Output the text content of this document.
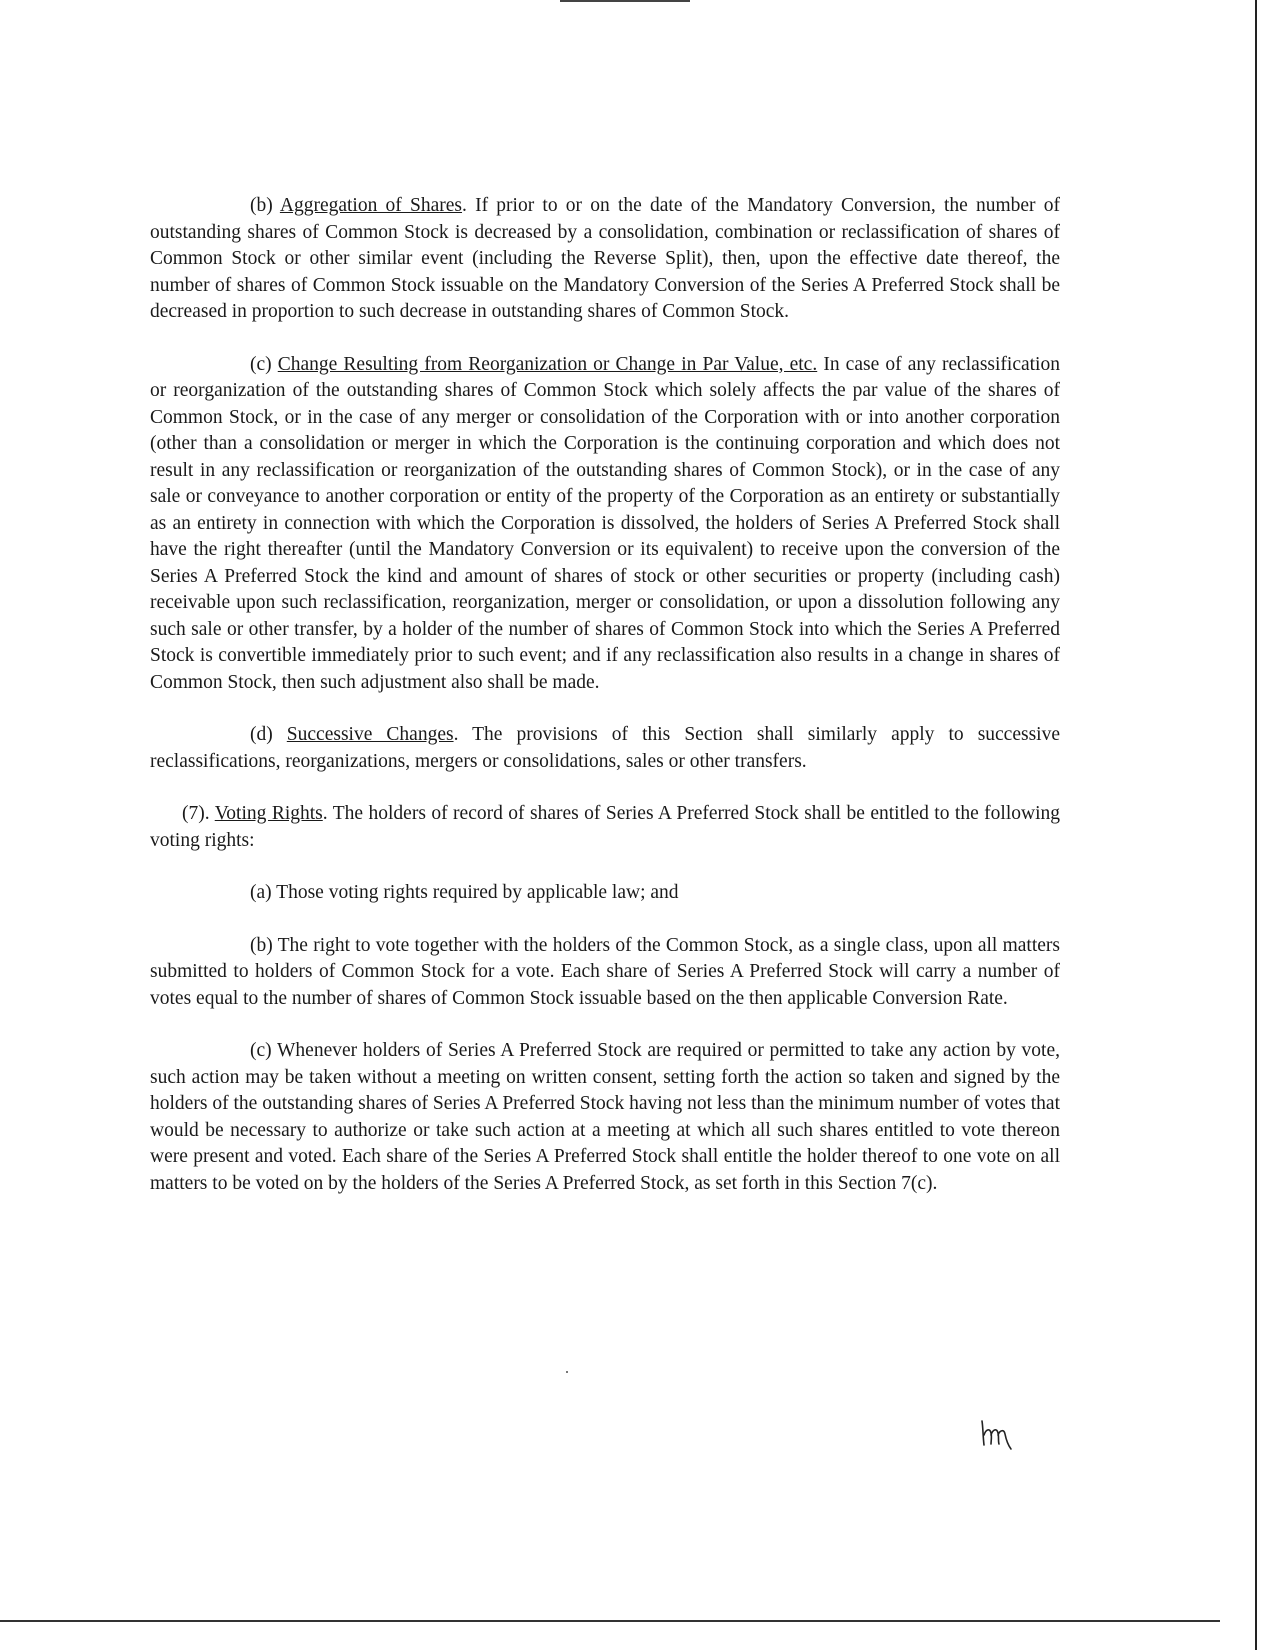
(b) Aggregation of Shares. If prior to or on the date of the Mandatory Conversion, the number of outstanding shares of Common Stock is decreased by a consolidation, combination or reclassification of shares of Common Stock or other similar event (including the Reverse Split), then, upon the effective date thereof, the number of shares of Common Stock issuable on the Mandatory Conversion of the Series A Preferred Stock shall be decreased in proportion to such decrease in outstanding shares of Common Stock.

(c) Change Resulting from Reorganization or Change in Par Value, etc. In case of any reclassification or reorganization of the outstanding shares of Common Stock which solely affects the par value of the shares of Common Stock, or in the case of any merger or consolidation of the Corporation with or into another corporation (other than a consolidation or merger in which the Corporation is the continuing corporation and which does not result in any reclassification or reorganization of the outstanding shares of Common Stock), or in the case of any sale or conveyance to another corporation or entity of the property of the Corporation as an entirety or substantially as an entirety in connection with which the Corporation is dissolved, the holders of Series A Preferred Stock shall have the right thereafter (until the Mandatory Conversion or its equivalent) to receive upon the conversion of the Series A Preferred Stock the kind and amount of shares of stock or other securities or property (including cash) receivable upon such reclassification, reorganization, merger or consolidation, or upon a dissolution following any such sale or other transfer, by a holder of the number of shares of Common Stock into which the Series A Preferred Stock is convertible immediately prior to such event; and if any reclassification also results in a change in shares of Common Stock, then such adjustment also shall be made.

(d) Successive Changes. The provisions of this Section shall similarly apply to successive reclassifications, reorganizations, mergers or consolidations, sales or other transfers.

(7). Voting Rights. The holders of record of shares of Series A Preferred Stock shall be entitled to the following voting rights:

(a) Those voting rights required by applicable law; and

(b) The right to vote together with the holders of the Common Stock, as a single class, upon all matters submitted to holders of Common Stock for a vote. Each share of Series A Preferred Stock will carry a number of votes equal to the number of shares of Common Stock issuable based on the then applicable Conversion Rate.

(c) Whenever holders of Series A Preferred Stock are required or permitted to take any action by vote, such action may be taken without a meeting on written consent, setting forth the action so taken and signed by the holders of the outstanding shares of Series A Preferred Stock having not less than the minimum number of votes that would be necessary to authorize or take such action at a meeting at which all such shares entitled to vote thereon were present and voted. Each share of the Series A Preferred Stock shall entitle the holder thereof to one vote on all matters to be voted on by the holders of the Series A Preferred Stock, as set forth in this Section 7(c).
